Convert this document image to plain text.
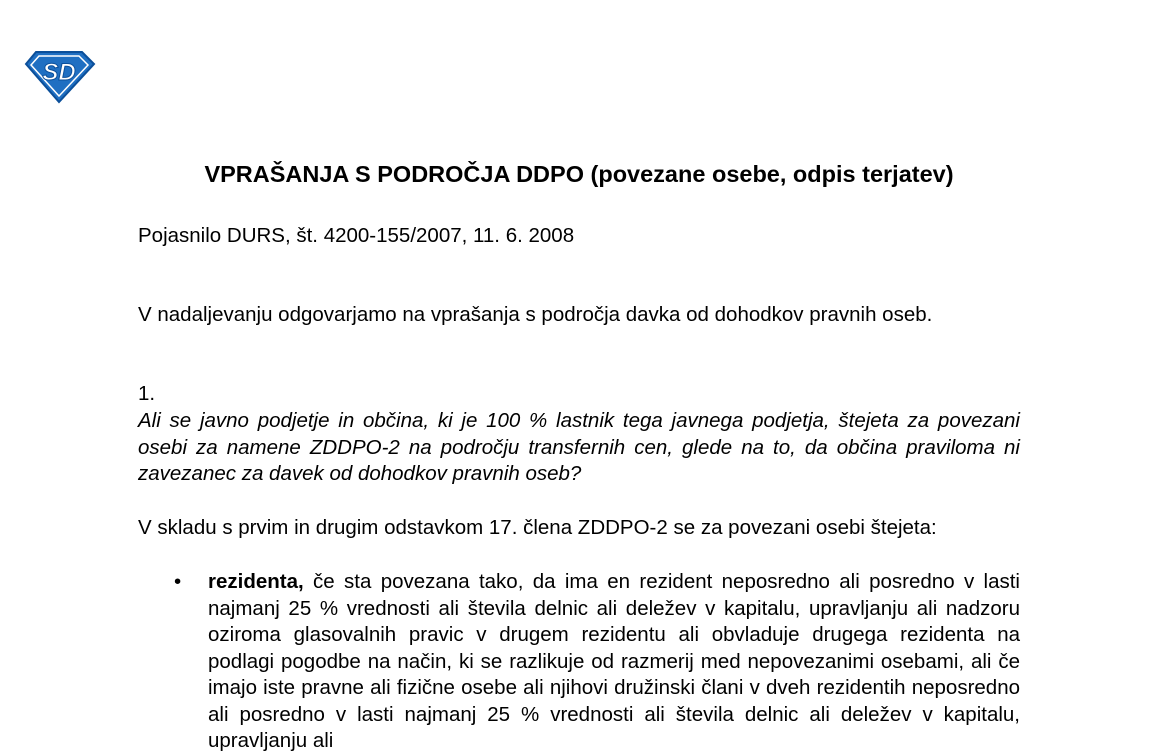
SD
VPRAŠANJA S PODROČJA DDPO (povezane osebe, odpis terjatev)

Pojasnilo DURS, št. 4200-155/2007, 11. 6. 2008

V nadaljevanju odgovarjamo na vprašanja s področja davka od dohodkov pravnih oseb.

1.

Ali se javno podjetje in občina, ki je 100 % lastnik tega javnega podjetja, štejeta za povezani osebi za namene ZDDPO-2 na področju transfernih cen, glede na to, da občina praviloma ni zavezanec za davek od dohodkov pravnih oseb?

V skladu s prvim in drugim odstavkom 17. člena ZDDPO-2 se za povezani osebi štejeta:

• rezidenta, če sta povezana tako, da ima en rezident neposredno ali posredno v lasti najmanj 25 % vrednosti ali števila delnic ali deležev v kapitalu, upravljanju ali nadzoru oziroma glasovalnih pravic v drugem rezidentu ali obvladuje drugega rezidenta na podlagi pogodbe na način, ki se razlikuje od razmerij med nepovezanimi osebami, ali če imajo iste pravne ali fizične osebe ali njihovi družinski člani v dveh rezidentih neposredno ali posredno v lasti najmanj 25 % vrednosti ali števila delnic ali deležev v kapitalu, upravljanju ali
